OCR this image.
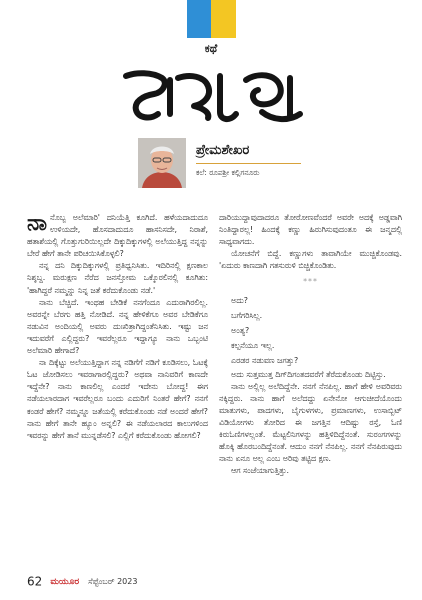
ಕಥೆ
ಪ್ರೇಮಶೇಖರ
ಕಲೆ: ರೂಪಶ್ರೀ ಕಲ್ಲಿಗನೂರು

ನಾನೊಬ್ಬ ಅಲೆಮಾರಿ' ದನಿಯೆತ್ತಿ ಕೂಗಿದೆ. ಹಳೆಯದಾದುದೂ ಉಳಿಯದೇ, ಹೊಸದಾದುದೂ ಹಾಸನಿಸದೇ, ನಿರಾಶೆ, ಹತಾಶೆಯಲ್ಲಿ ಗೊತ್ತುಗುರಿಯಿಲ್ಲದೇ ದಿಕ್ಕುದಿಕ್ಕುಗಳಲ್ಲಿ ಅಲೆಯುತ್ತಿದ್ದ ನನ್ನನ್ನು ಬೇರೆ ಹೇಗೆ ತಾನೇ ಪರಿಚಯಿಸಿಕೊಳ್ಳಲಿ?

ನನ್ನ ದನಿ ದಿಕ್ಕುದಿಕ್ಕುಗಳಲ್ಲಿ ಪ್ರತಿಧ್ವನಿಸಿತು. ಇದಿರಿನಲ್ಲಿ ಕ್ಷಣಕಾಲ ನಿಶ್ಶಬ್ದ. ಮರುಕ್ಷಣ ನೆರೆದ ಜನಸ್ತೋಮ ಒಕ್ಕೊರಲಿನಲ್ಲಿ ಕೂಗಿತು: 'ಹಾಗಿದ್ದರೆ ನಮ್ಮನ್ನು ನಿನ್ನ ಜತೆ ಕರೆದುಕೊಂಡು ನಡೆ.'

ನಾನು ಬೆಚ್ಚಿದೆ. ಇಂಥಹ ಬೇಡಿಕೆ ನನಗೆಂದೂ ಎದುರಾಗಿರಲಿಲ್ಲ. ಅವರನ್ನೇ ಬೆರಗು ಹತ್ತಿ ನೋಡಿದೆ. ನನ್ನ ಹೇಳಿಕೆಗೂ ಅವರ ಬೇಡಿಕೆಗೂ ನಡುವಿನ ಅಂದಿಯಲ್ಲಿ ಅವರು ದುಃಖಿತ್ರಾಗಿದ್ದಂತೆನಿಸಿತು. ಇಷ್ಟು ಜನ ಇದುವರೆಗೆ ಎಲ್ಲಿದ್ದರು? ಇವರೆಲ್ಲರೂ ಇದ್ದಾಗ್ಯೂ ನಾನು ಒಬ್ಬಂಟಿ ಅಲೆಮಾರಿ ಹೇಗಾದೆ?

ನಾ ದಿಕ್ಕೆಟ್ಟು ಅಲೆಯುತ್ತಿದ್ದಾಗ ನನ್ನ ನಡಿಗೆಗೆ ನಡಿಗೆ ಕೂಡಿಸಲು, ಓಟಕ್ಕೆ ಓಟ ಜೋಡಿಸಲು ಇವರಾಗಾರಲ್ಲಿದ್ದರು? ಅಥವಾ ನಾನಿವರಿಗೆ ಕಾಣದೇ ಇದ್ದೆನೇ? ನಾನು ಕಾಣಲಿಲ್ಲ ಎಂದರೆ ಇದೇನು ಬೋದ್ದ! ಈಗ ನಡೆಯಲಾರದಾಗ ಇವರೆಲ್ಲರೂ ಬಂದು ಎದುರಿಗೆ ನಿಂತರೆ ಹೇಗೆ? ನನಗೆ ಕಂಡರೆ ಹೇಗೆ? ನಮ್ಮನ್ನೂ ಜತೆಯಲ್ಲಿ ಕರೆದುಕೊಂಡು ನಡೆ ಅಂದರೆ ಹೇಗೆ? ನಾನು ಹೇಗೆ ತಾನೇ ಹ್ಯೂಂ ಅನ್ನಲಿ? ಈ ನಡೆಯಲಾರದ ಕಾಲುಗಳಿಂದ ಇವರನ್ನು ಹೇಗೆ ತಾನೆ ಮುನ್ನಡೆಸಲಿ? ಎಲ್ಲಿಗೆ ಕರೆದುಕೊಂಡು ಹೋಗಲಿ?

ದಾರಿಯುದ್ದಾವುದಾದರೂ ತೋರೋಣವೆಂದರೆ ಅವರೇ ಅದಕ್ಕೆ ಅಡ್ಡವಾಗಿ ನಿಂತಿದ್ದಾರಲ್ಲ! ಹಿಂದಕ್ಕೆ ಕಣ್ಣು ಹಿರುಗಿಸುವುದಂತೂ ಈ ಜನ್ಮದಲ್ಲಿ ಸಾಧ್ಯವಾಗದು.

ಯೋಚನೆಗೆ ಬಿದ್ದೆ. ಕಣ್ಣುಗಳು ತಾವಾಗಿಯೇ ಮುಚ್ಚಿಕೊಂಡವು. 'ಏದುರು ಕಾಣದಾಗಿ ಗತಸುರುಳಿ ಬಿಚ್ಚಿಕೊಂಡಿತು.

***
ಅದು?
ಬಗೆಗರಿಸಿಲ್ಲ.
ಅಂತ್ಯ?
ಕಲ್ಪನೆಯೂ ಇಲ್ಲ.
ಎರಡರ ನಡುವಣ ಜಗತ್ತು?

ಅದು ಸುತ್ತಮುತ್ತ ದಿಗ್‌ದಿಗಂತದವರೆಗೆ ತೆರೆದುಕೊಂಡು ದಿಟ್ಟಿಸ್ತು.

ನಾನು ಅಲ್ಲಿಲ್ಲ ಅಲೆದಿದ್ದೆನೇ. ನನಗೆ ನೆನಪಿಲ್ಲ. ಹಾಗೆ ಹೇಳಿ ಅವರಿವರು ನಕ್ಕಿದ್ದರು. ನಾನು ಹಾಗೆ ಅಲೆದದ್ದು ಏನೇನೋ ಆಗುಚೀದೆಯೊಂದು ಮಾತುಗಳು, ಪಾದಗಳು, ಬೈಗುಳಗಳು, ಪ್ರಮಾಣಗಳು, ಉಸಾಬ್ಬಿಟ್ ವಿಡಿಯೋಗಳು ತೋರಿದ ಈ ಜಗತ್ತಿನ ಆದಿಷ್ಟು ರಸ್ತೆ, ಓಣಿ ಕಿರುಓಣಿಗಳಲ್ಲಂತೆ. ಮೆಟ್ಟಲಿನಿಗಳನ್ನು ಹತ್ತಿಳಿದಿದ್ದೆನಂತೆ. ಸುರಂಗಗಳನ್ನು ಹೊಕ್ಕಿ ಹೊರಬಂದಿದ್ದೆನಂತೆ. ಆದುಂ ನನಗೆ ನೆನಪಿಲ್ಲ. ನನಗೆ ನೆನಪಿರುವುದು ನಾನು ಏನೂ ಅಲ್ಲ ಎಂಬ ಅರಿವು ತಟ್ಟಿದ ಕ್ಷಣ.

ಆಗ ಸಂಜೆಯಾಗುತ್ತಿತ್ತು.

62 ಮಯೂರ ಸೆಪ್ಟೆಂಬರ್ 2023
